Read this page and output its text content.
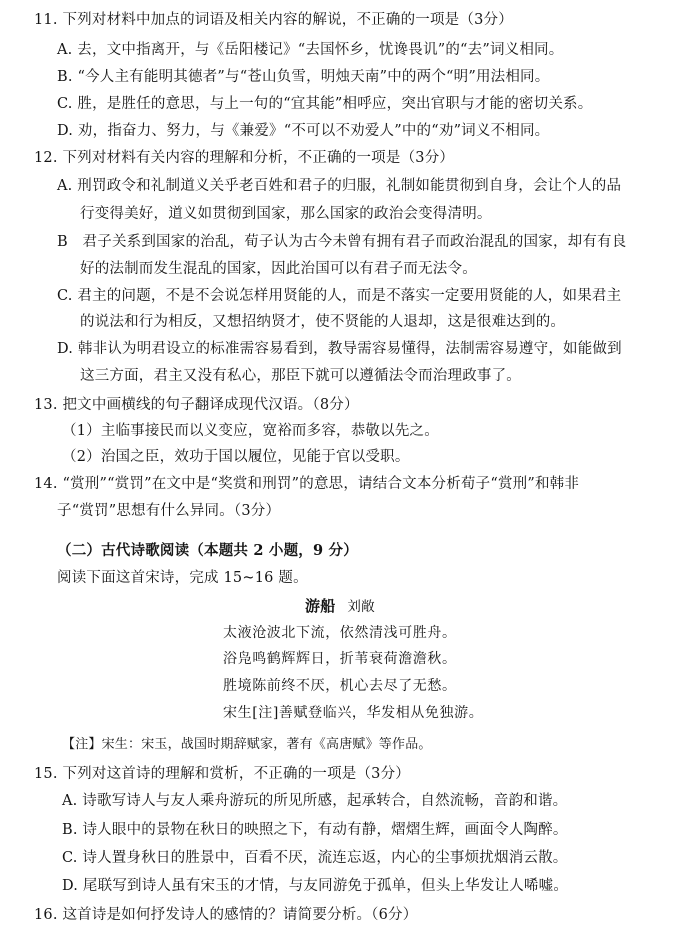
11. 下列对材料中加点的词语及相关内容的解说，不正确的一项是（3分）
A. 去，文中指离开，与《岳阳楼记》“去国怀乡，忧谗畏讥”的“去”词义相同。
B. “今人主有能明其德者”与“苍山负雪，明烛天南”中的两个“明”用法相同。
C. 胜，是胜任的意思，与上一句的“宜其能”相呼应，突出官职与才能的密切关系。
D. 劝，指奋力、努力，与《兼爱》“不可以不劝爱人”中的“劝”词义不相同。
12. 下列对材料有关内容的理解和分析，不正确的一项是（3分）
A. 刑罚政令和礼制道义关乎老百姓和君子的归服，礼制如能贯彻到自身，会让个人的品
行变得美好，道义如贯彻到国家，那么国家的政治会变得清明。
B　君子关系到国家的治乱，荀子认为古今未曾有拥有君子而政治混乱的国家，却有有良
好的法制而发生混乱的国家，因此治国可以有君子而无法令。
C. 君主的问题，不是不会说怎样用贤能的人，而是不落实一定要用贤能的人，如果君主
的说法和行为相反，又想招纳贤才，使不贤能的人退却，这是很难达到的。
D. 韩非认为明君设立的标准需容易看到，教导需容易懂得，法制需容易遵守，如能做到
这三方面，君主又没有私心，那臣下就可以遵循法令而治理政事了。
13. 把文中画横线的句子翻译成现代汉语。（8分）
（1）主临事接民而以义变应，宽裕而多容，恭敬以先之。
（2）治国之臣，效功于国以履位，见能于官以受职。
14. “赏刑”“赏罚”在文中是“奖赏和刑罚”的意思，请结合文本分析荀子“赏刑”和韩非
子“赏罚”思想有什么异同。（3分）
（二）古代诗歌阅读（本题共 2 小题，9 分）
阅读下面这首宋诗，完成 15~16 题。
游船 刘敞
太液沧波北下流，依然清浅可胜舟。
浴凫鸣鹤辉辉日，折苇衰荷澹澹秋。
胜境陈前终不厌，机心去尽了无愁。
宋生[注]善赋登临兴，华发相从免独游。
【注】宋生：宋玉，战国时期辞赋家，著有《高唐赋》等作品。
15. 下列对这首诗的理解和赏析，不正确的一项是（3分）
A. 诗歌写诗人与友人乘舟游玩的所见所感，起承转合，自然流畅，音韵和谐。
B. 诗人眼中的景物在秋日的映照之下，有动有静，熠熠生辉，画面令人陶醉。
C. 诗人置身秋日的胜景中，百看不厌，流连忘返，内心的尘事烦扰烟消云散。
D. 尾联写到诗人虽有宋玉的才情，与友同游免于孤单，但头上华发让人唏嘘。
16. 这首诗是如何抒发诗人的感情的？请简要分析。（6分）
